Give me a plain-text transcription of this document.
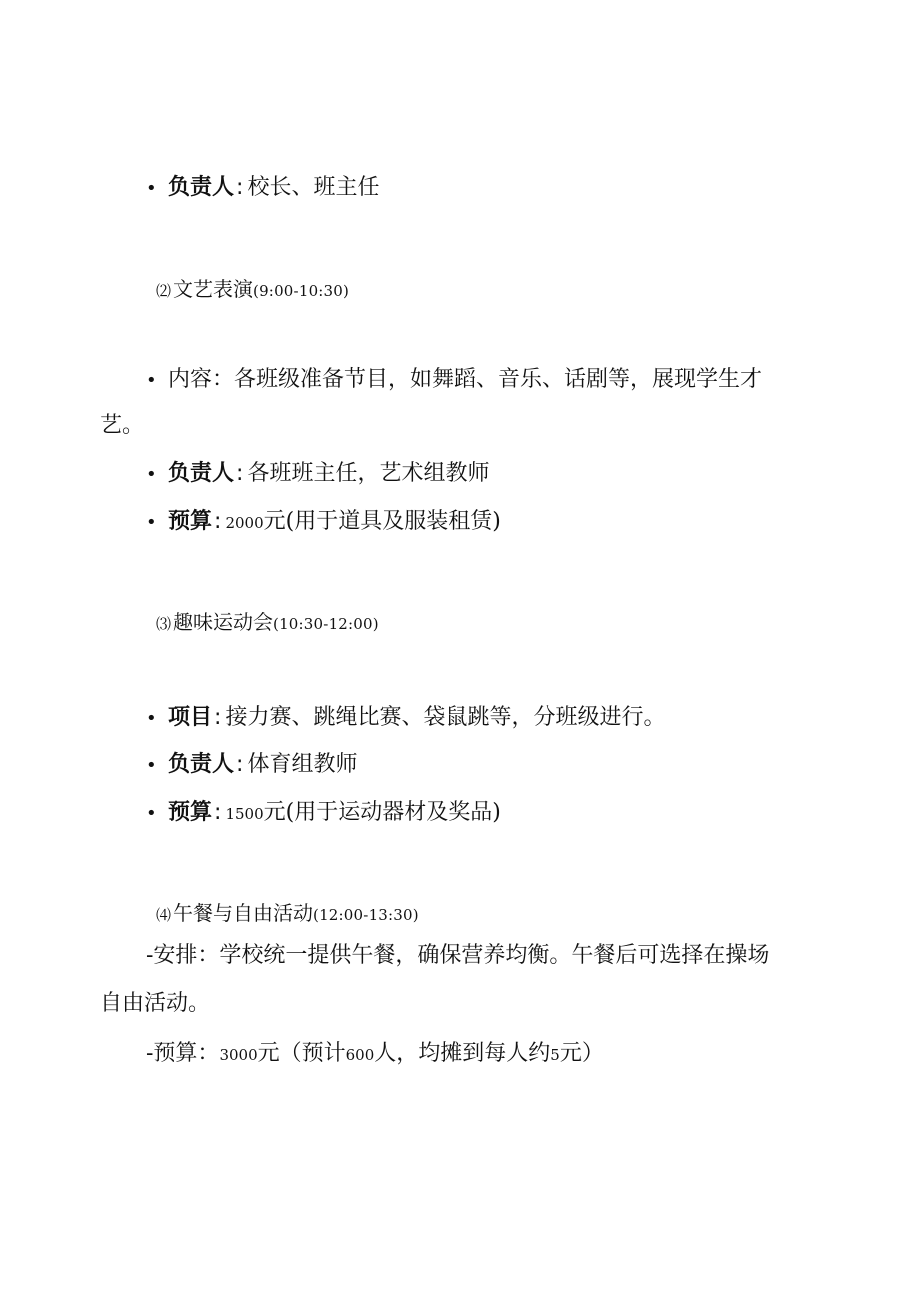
• 负责人: 校长、班主任
⑵ 文艺表演(9:00-10:30)
• 内容：各班级准备节目，如舞蹈、音乐、话剧等，展现学生才
艺。
• 负责人: 各班班主任，艺术组教师
• 预算: 2000元(用于道具及服装租赁)
⑶ 趣味运动会(10:30-12:00)
• 项目: 接力赛、跳绳比赛、袋鼠跳等，分班级进行。
• 负责人: 体育组教师
• 预算: 1500元(用于运动器材及奖品)
⑷ 午餐与自由活动(12:00-13:30)
-安排：学校统一提供午餐，确保营养均衡。午餐后可选择在操场
自由活动。
-预算：3000元（预计600人，均摊到每人约5元）
